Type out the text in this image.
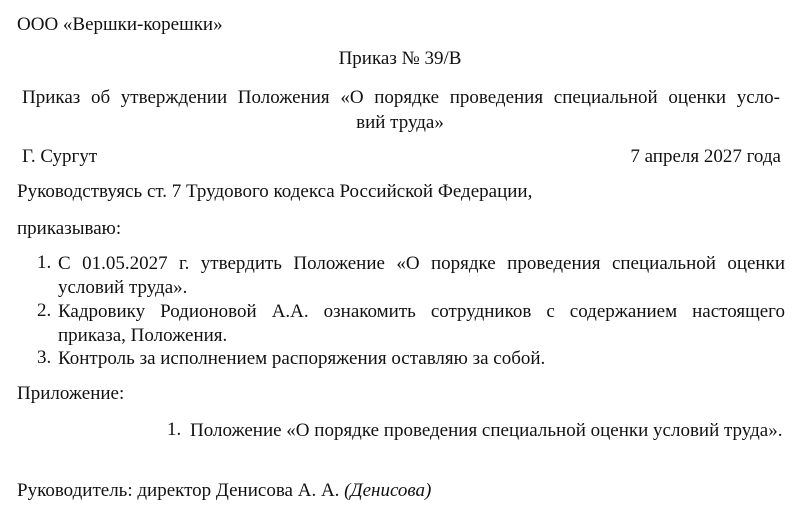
ООО «Вершки-корешки»
Приказ № 39/В
Приказ об утверждении Положения «О порядке проведения специальной оценки усло-
вий труда»
Г. Сургут	7 апреля 2027 года
Руководствуясь ст. 7 Трудового кодекса Российской Федерации,
приказываю:
1. С 01.05.2027 г. утвердить Положение «О порядке проведения специальной оценки условий труда».
2. Кадровику Родионовой А.А. ознакомить сотрудников с содержанием настоящего приказа, Положения.
3. Контроль за исполнением распоряжения оставляю за собой.
Приложение:
1. Положение «О порядке проведения специальной оценки условий труда».
Руководитель: директор Денисова А. А. (Денисова)
